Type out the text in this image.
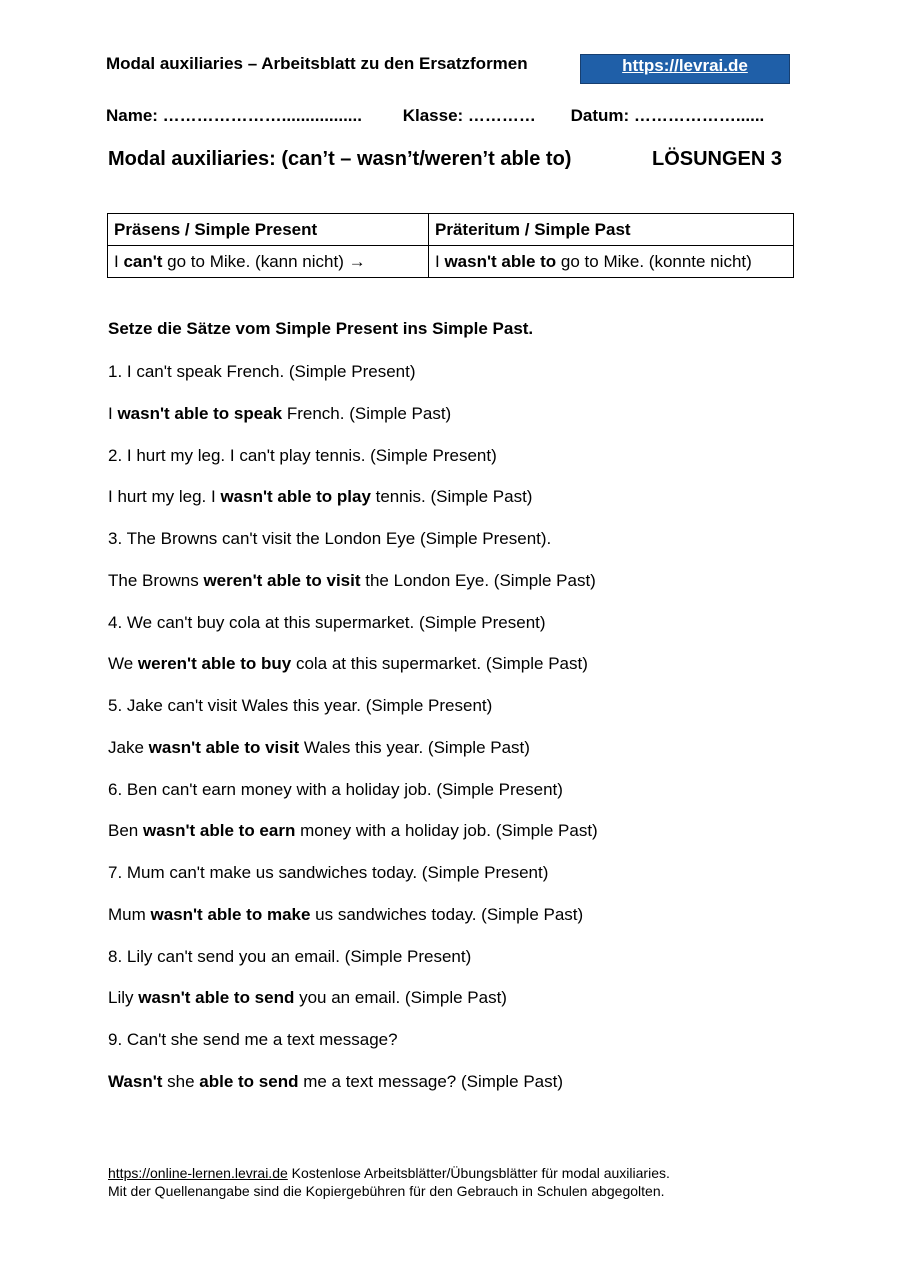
Modal auxiliaries – Arbeitsblatt zu den Ersatzformen	https://levrai.de
Name: …………………................. Klasse: ………… Datum: ………………......
Modal auxiliaries: (can’t – wasn’t/weren’t able to)	LÖSUNGEN 3
Präsens / Simple Present	Präteritum / Simple Past
I can't go to Mike. (kann nicht) →	I wasn't able to go to Mike. (konnte nicht)
Setze die Sätze vom Simple Present ins Simple Past.
1. I can't speak French. (Simple Present)
I wasn't able to speak French. (Simple Past)
2. I hurt my leg. I can't play tennis. (Simple Present)
I hurt my leg. I wasn't able to play tennis. (Simple Past)
3. The Browns can't visit the London Eye (Simple Present).
The Browns weren't able to visit the London Eye. (Simple Past)
4. We can't buy cola at this supermarket. (Simple Present)
We weren't able to buy cola at this supermarket. (Simple Past)
5. Jake can't visit Wales this year. (Simple Present)
Jake wasn't able to visit Wales this year. (Simple Past)
6. Ben can't earn money with a holiday job. (Simple Present)
Ben wasn't able to earn money with a holiday job. (Simple Past)
7. Mum can't make us sandwiches today. (Simple Present)
Mum wasn't able to make us sandwiches today. (Simple Past)
8. Lily can't send you an email. (Simple Present)
Lily wasn't able to send you an email. (Simple Past)
9. Can't she send me a text message?
Wasn't she able to send me a text message? (Simple Past)
https://online-lernen.levrai.de Kostenlose Arbeitsblätter/Übungsblätter für modal auxiliaries.
Mit der Quellenangabe sind die Kopiergebühren für den Gebrauch in Schulen abgegolten.
